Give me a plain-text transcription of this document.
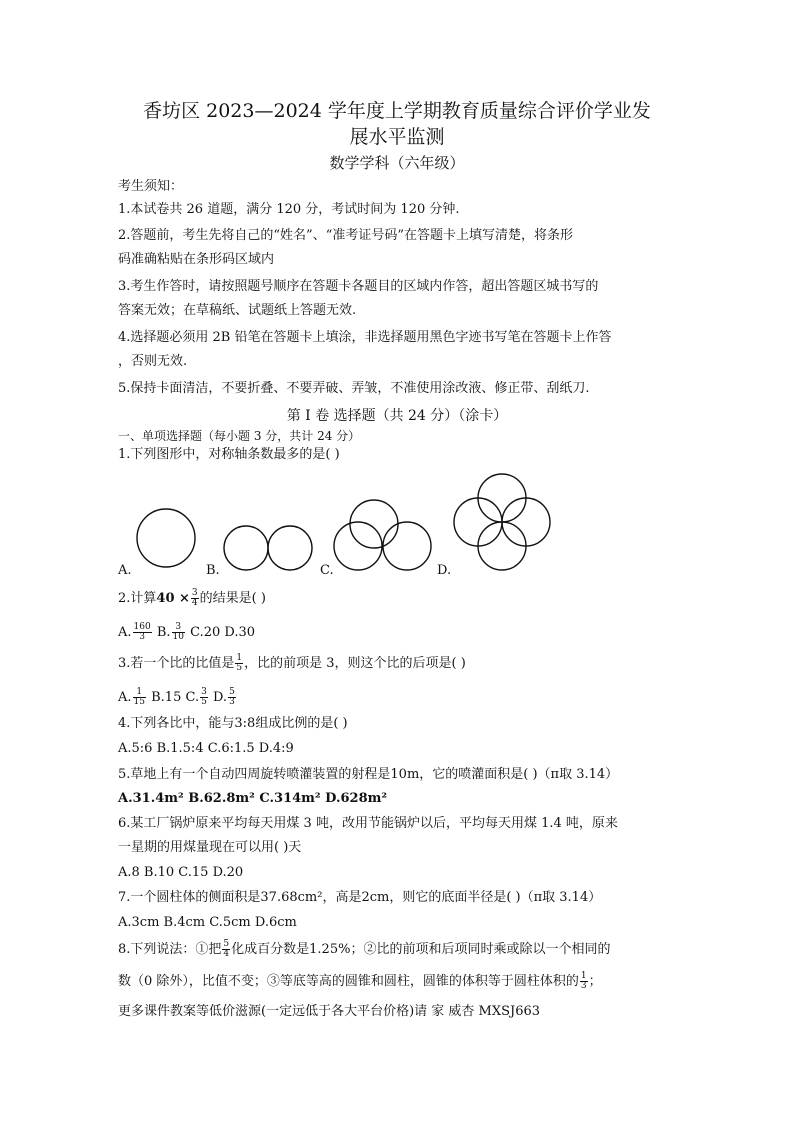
香坊区 2023—2024 学年度上学期教育质量综合评价学业发
展水平监测
数学学科（六年级）
考生须知：
1.本试卷共 26 道题，满分 120 分，考试时间为 120 分钟.
2.答题前，考生先将自己的“姓名”、“准考证号码”在答题卡上填写清楚，将条形
码准确粘贴在条形码区域内
3.考生作答时，请按照题号顺序在答题卡各题目的区域内作答，超出答题区城书写的
答案无效；在草稿纸、试题纸上答题无效.
4.选择题必须用 2B 铅笔在答题卡上填涂，非选择题用黑色字迹书写笔在答题卡上作答
，否则无效.
5.保持卡面清洁，不要折叠、不要弄破、弄皱，不准使用涂改液、修正带、刮纸刀.
第 I 卷 选择题（共 24 分）（涂卡）
一、单项选择题（每小题 3 分，共计 24 分）
1.下列图形中，对称轴条数最多的是( )
A.	B.	C.	D.
2.计算$40 \times \frac{3}{4}$ 的结果是( )
A. $\frac{160}{3} B$. $\frac{3}{10} C.20$ D.30
3.若一个比的比值是 $\frac{1}{5}$ ，比的前项是 3，则这个比的后项是( )
A. $\frac{1}{15} B.15$ C. $\frac{3}{5} D$. $\frac{5}{3}$
4.下列各比中，能与3:8组成比例的是( )
A.5:6 B.1.5:4 C.6:1.5 D.4:9
5.草地上有一个自动四周旋转喷灌装置的射程是10m，它的喷灌面积是( )（π取 3.14）
A.31.4m² B.62.8m² C.314m² D.628m²
6.某工厂锅炉原来平均每天用煤 3 吨，改用节能锅炉以后，平均每天用煤 1.4 吨，原来
一星期的用煤量现在可以用( )天
A.8 B.10 C.15 D.20
7.一个圆柱体的侧面积是37.68cm²，高是2cm，则它的底面半径是( )（π取 3.14）
A.3cm B.4cm C.5cm D.6cm
8.下列说法：①把 $\frac{5}{4}$ 化成百分数是1.25%；②比的前项和后项同时乘或除以一个相同的
数（0 除外），比值不变；③等底等高的圆锥和圆柱，圆锥的体积等于圆柱体积的 $\frac{1}{3}$ ；
更多课件教案等低价滋源(一定远低于各大平台价格)请 家 威杏 MXSJ663
